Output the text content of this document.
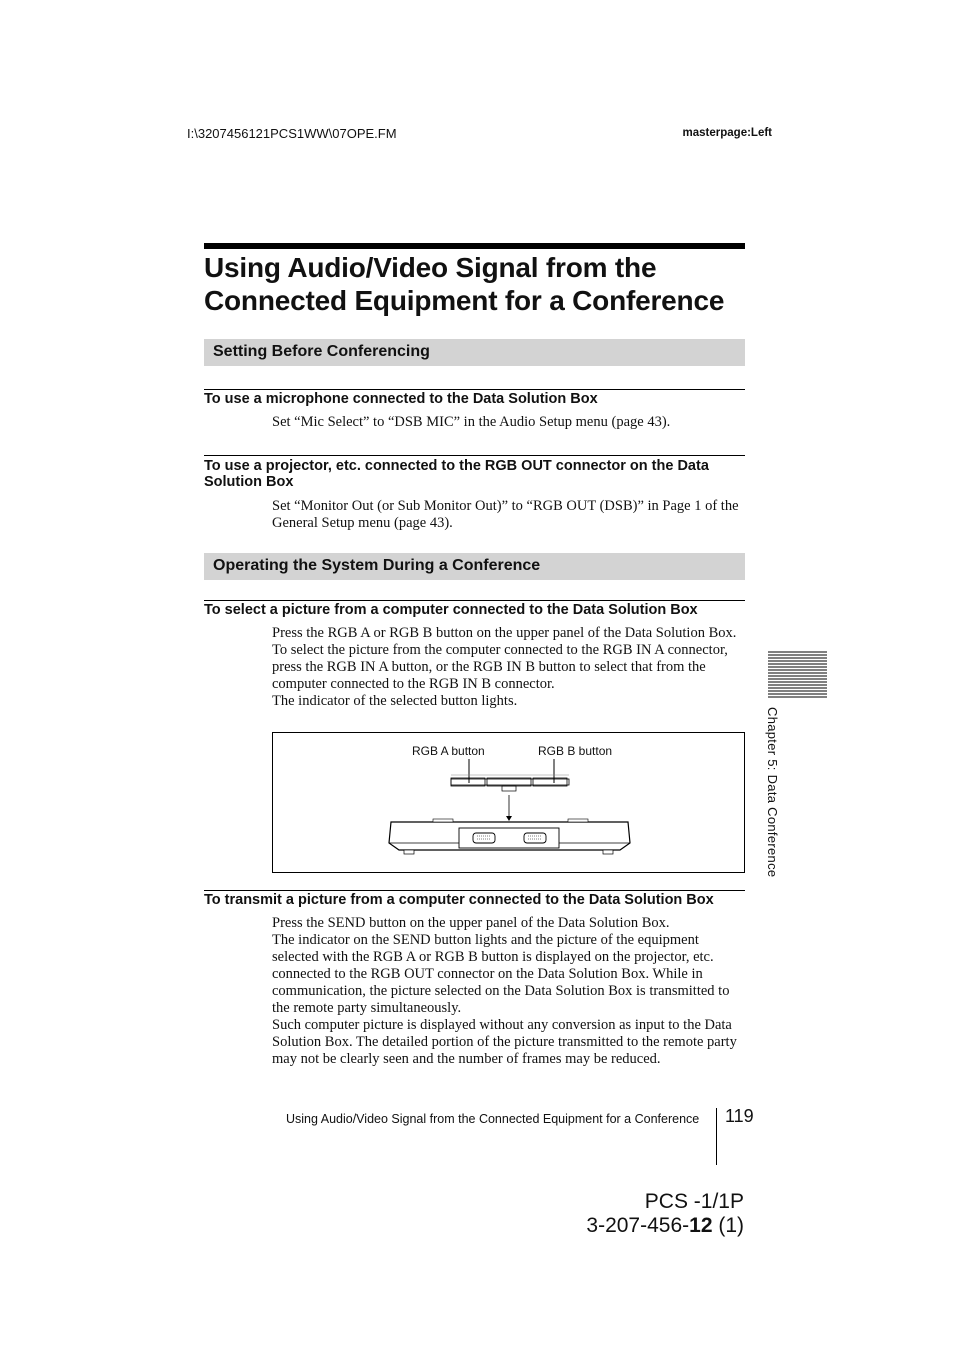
I:\3207456121PCS1WW\07OPE.FM	masterpage:Left
Using Audio/Video Signal from the
Connected Equipment for a Conference
Setting Before Conferencing
To use a microphone connected to the Data Solution Box

Set “Mic Select” to “DSB MIC” in the Audio Setup menu (page 43).

To use a projector, etc. connected to the RGB OUT connector on the Data
Solution Box

Set “Monitor Out (or Sub Monitor Out)” to “RGB OUT (DSB)” in Page 1 of the General Setup menu (page 43).

Operating the System During a Conference
To select a picture from a computer connected to the Data Solution Box

Press the RGB A or RGB B button on the upper panel of the Data Solution Box.

To select the picture from the computer connected to the RGB IN A connector, press the RGB IN A button, or the RGB IN B button to select that from the computer connected to the RGB IN B connector.

The indicator of the selected button lights.

RGB A button	RGB B button
To transmit a picture from a computer connected to the Data Solution Box

Press the SEND button on the upper panel of the Data Solution Box.

The indicator on the SEND button lights and the picture of the equipment selected with the RGB A or RGB B button is displayed on the projector, etc. connected to the RGB OUT connector on the Data Solution Box. While in communication, the picture selected on the Data Solution Box is transmitted to the remote party simultaneously.

Such computer picture is displayed without any conversion as input to the Data Solution Box. The detailed portion of the picture transmitted to the remote party may not be clearly seen and the number of frames may be reduced.

Chapter 5: Data Conference
Using Audio/Video Signal from the Connected Equipment for a Conference 119
PCS -1/1P
3-207-456-12 (1)
